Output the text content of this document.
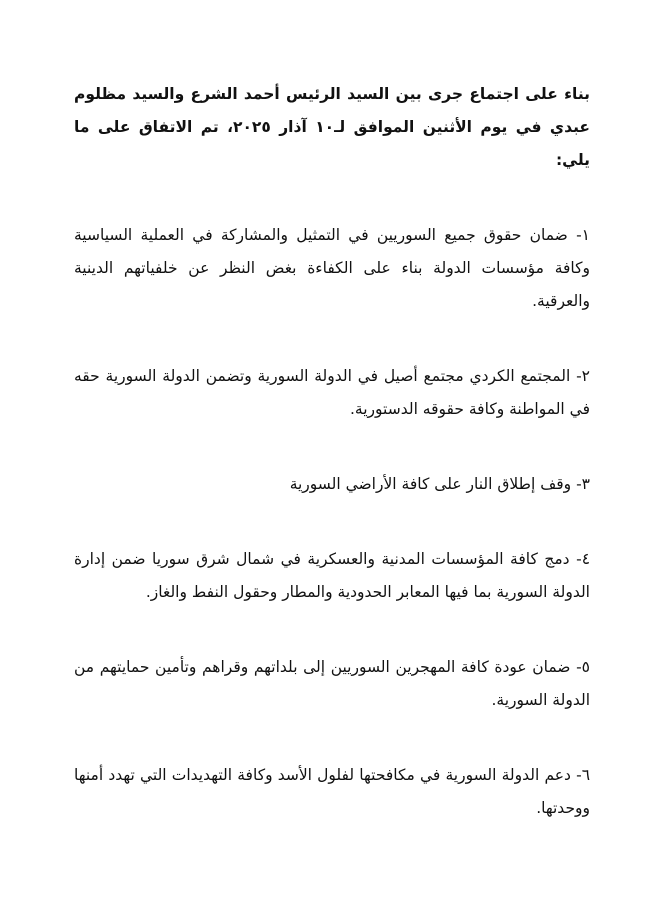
بناء على اجتماع جرى بين السيد الرئيس أحمد الشرع والسيد مظلوم عبدي في يوم الأثنين الموافق لـ١٠ آذار ٢٠٢٥، تم الاتفاق على ما يلي:

١- ضمان حقوق جميع السوريين في التمثيل والمشاركة في العملية السياسية وكافة مؤسسات الدولة بناء على الكفاءة بغض النظر عن خلفياتهم الدينية والعرقية.

٢- المجتمع الكردي مجتمع أصيل في الدولة السورية وتضمن الدولة السورية حقه في المواطنة وكافة حقوقه الدستورية.

٣- وقف إطلاق النار على كافة الأراضي السورية

٤- دمج كافة المؤسسات المدنية والعسكرية في شمال شرق سوريا ضمن إدارة الدولة السورية بما فيها المعابر الحدودية والمطار وحقول النفط والغاز.

٥- ضمان عودة كافة المهجرين السوريين إلى بلداتهم وقراهم وتأمين حمايتهم من الدولة السورية.

٦- دعم الدولة السورية في مكافحتها لفلول الأسد وكافة التهديدات التي تهدد أمنها ووحدتها.
